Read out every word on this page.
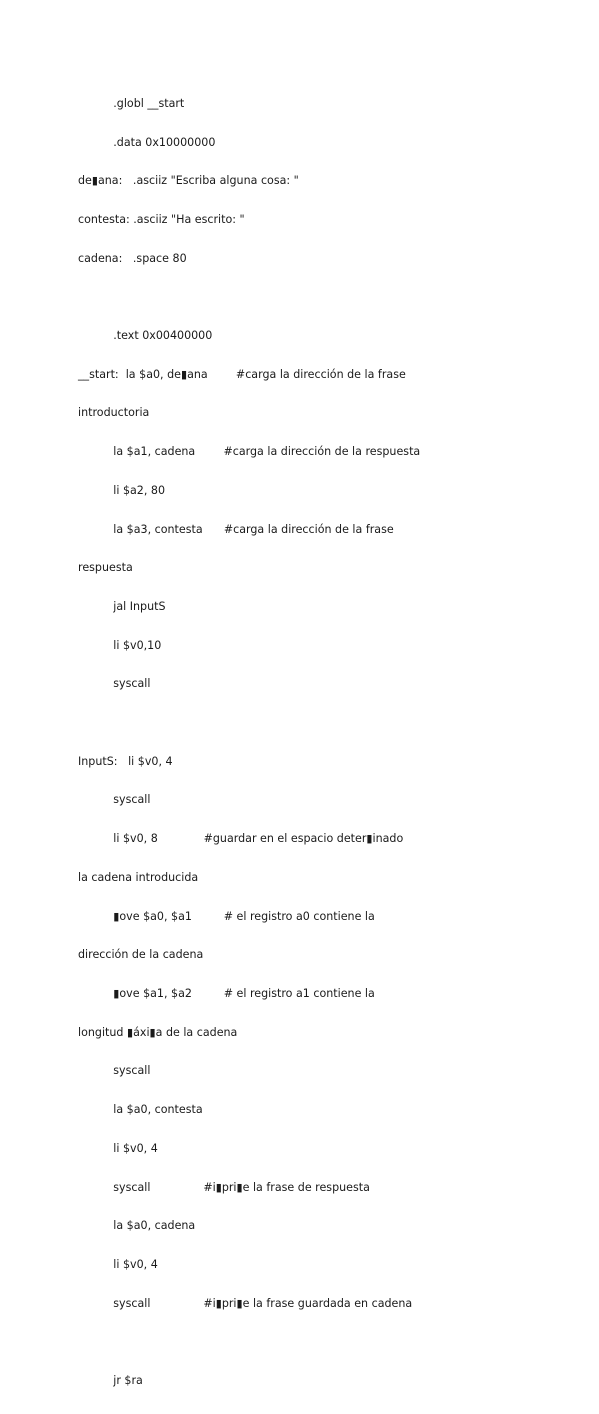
.globl __start

.data 0x10000000

de▮ana:   .asciiz "Escriba alguna cosa: "

contesta: .asciiz "Ha escrito: "

cadena:   .space 80

.text 0x00400000

__start:  la $a0, de▮ana        #carga la dirección de la frase

introductoria

la $a1, cadena        #carga la dirección de la respuesta

li $a2, 80

la $a3, contesta      #carga la dirección de la frase

respuesta

jal InputS

li $v0,10

syscall

InputS:   li $v0, 4

syscall

li $v0, 8             #guardar en el espacio deter▮inado

la cadena introducida

▮ove $a0, $a1         # el registro a0 contiene la

dirección de la cadena

▮ove $a1, $a2         # el registro a1 contiene la

longitud ▮áxi▮a de la cadena

syscall

la $a0, contesta

li $v0, 4

syscall               #i▮pri▮e la frase de respuesta

la $a0, cadena

li $v0, 4

syscall               #i▮pri▮e la frase guardada en cadena

jr $ra
